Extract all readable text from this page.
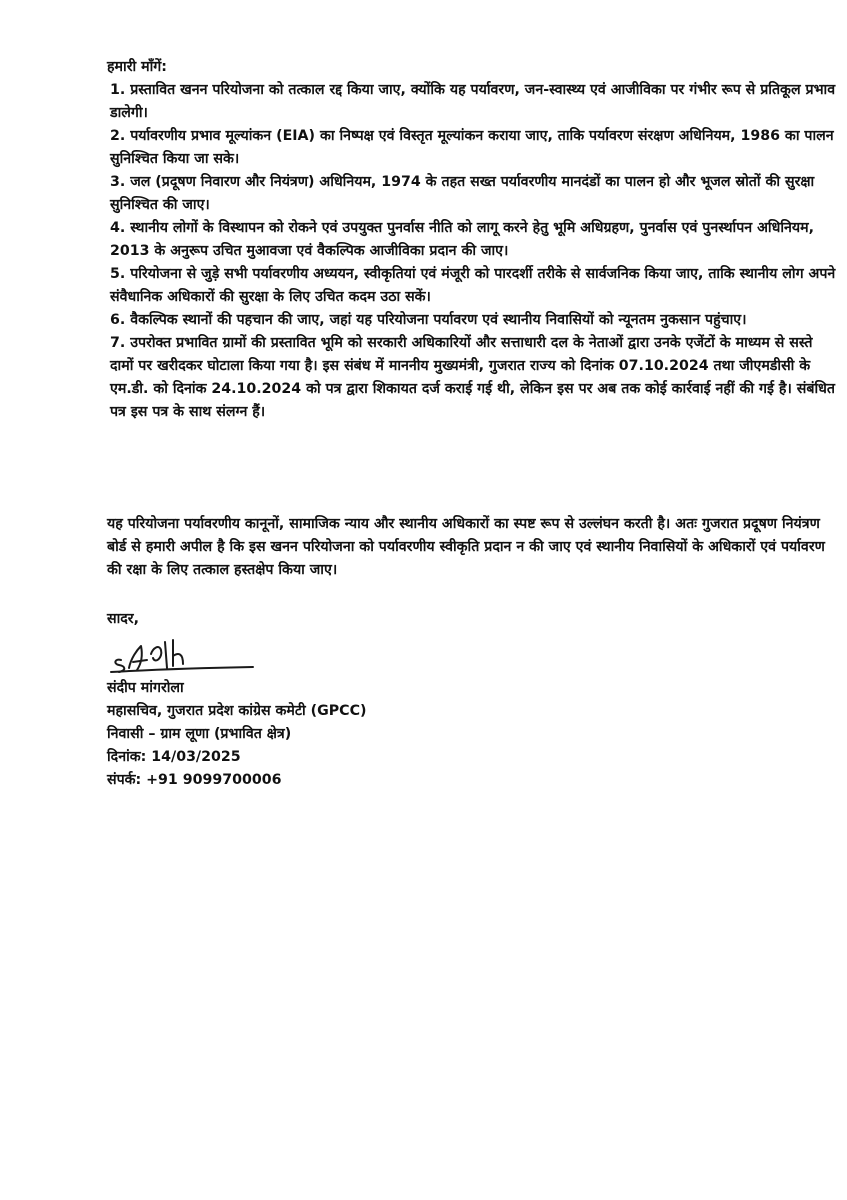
हमारी माँगें:

1. प्रस्तावित खनन परियोजना को तत्काल रद्द किया जाए, क्योंकि यह पर्यावरण, जन-स्वास्थ्य एवं आजीविका पर गंभीर रूप से प्रतिकूल प्रभाव डालेगी।
2. पर्यावरणीय प्रभाव मूल्यांकन (EIA) का निष्पक्ष एवं विस्तृत मूल्यांकन कराया जाए, ताकि पर्यावरण संरक्षण अधिनियम, 1986 का पालन सुनिश्चित किया जा सके।
3. जल (प्रदूषण निवारण और नियंत्रण) अधिनियम, 1974 के तहत सख्त पर्यावरणीय मानदंडों का पालन हो और भूजल स्रोतों की सुरक्षा सुनिश्चित की जाए।
4. स्थानीय लोगों के विस्थापन को रोकने एवं उपयुक्त पुनर्वास नीति को लागू करने हेतु भूमि अधिग्रहण, पुनर्वास एवं पुनर्स्थापन अधिनियम, 2013 के अनुरूप उचित मुआवजा एवं वैकल्पिक आजीविका प्रदान की जाए।
5. परियोजना से जुड़े सभी पर्यावरणीय अध्ययन, स्वीकृतियां एवं मंजूरी को पारदर्शी तरीके से सार्वजनिक किया जाए, ताकि स्थानीय लोग अपने संवैधानिक अधिकारों की सुरक्षा के लिए उचित कदम उठा सकें।
6. वैकल्पिक स्थानों की पहचान की जाए, जहां यह परियोजना पर्यावरण एवं स्थानीय निवासियों को न्यूनतम नुकसान पहुंचाए।
7. उपरोक्त प्रभावित ग्रामों की प्रस्तावित भूमि को सरकारी अधिकारियों और सत्ताधारी दल के नेताओं द्वारा उनके एजेंटों के माध्यम से सस्ते दामों पर खरीदकर घोटाला किया गया है। इस संबंध में माननीय मुख्यमंत्री, गुजरात राज्य को दिनांक 07.10.2024 तथा जीएमडीसी के एम.डी. को दिनांक 24.10.2024 को पत्र द्वारा शिकायत दर्ज कराई गई थी, लेकिन इस पर अब तक कोई कार्रवाई नहीं की गई है। संबंधित पत्र इस पत्र के साथ संलग्न हैं।

यह परियोजना पर्यावरणीय कानूनों, सामाजिक न्याय और स्थानीय अधिकारों का स्पष्ट रूप से उल्लंघन करती है। अतः गुजरात प्रदूषण नियंत्रण बोर्ड से हमारी अपील है कि इस खनन परियोजना को पर्यावरणीय स्वीकृति प्रदान न की जाए एवं स्थानीय निवासियों के अधिकारों एवं पर्यावरण की रक्षा के लिए तत्काल हस्तक्षेप किया जाए।

सादर,

संदीप मांगरोला

महासचिव, गुजरात प्रदेश कांग्रेस कमेटी (GPCC)

निवासी – ग्राम लूणा (प्रभावित क्षेत्र)

दिनांक: 14/03/2025

संपर्क: +91 9099700006
